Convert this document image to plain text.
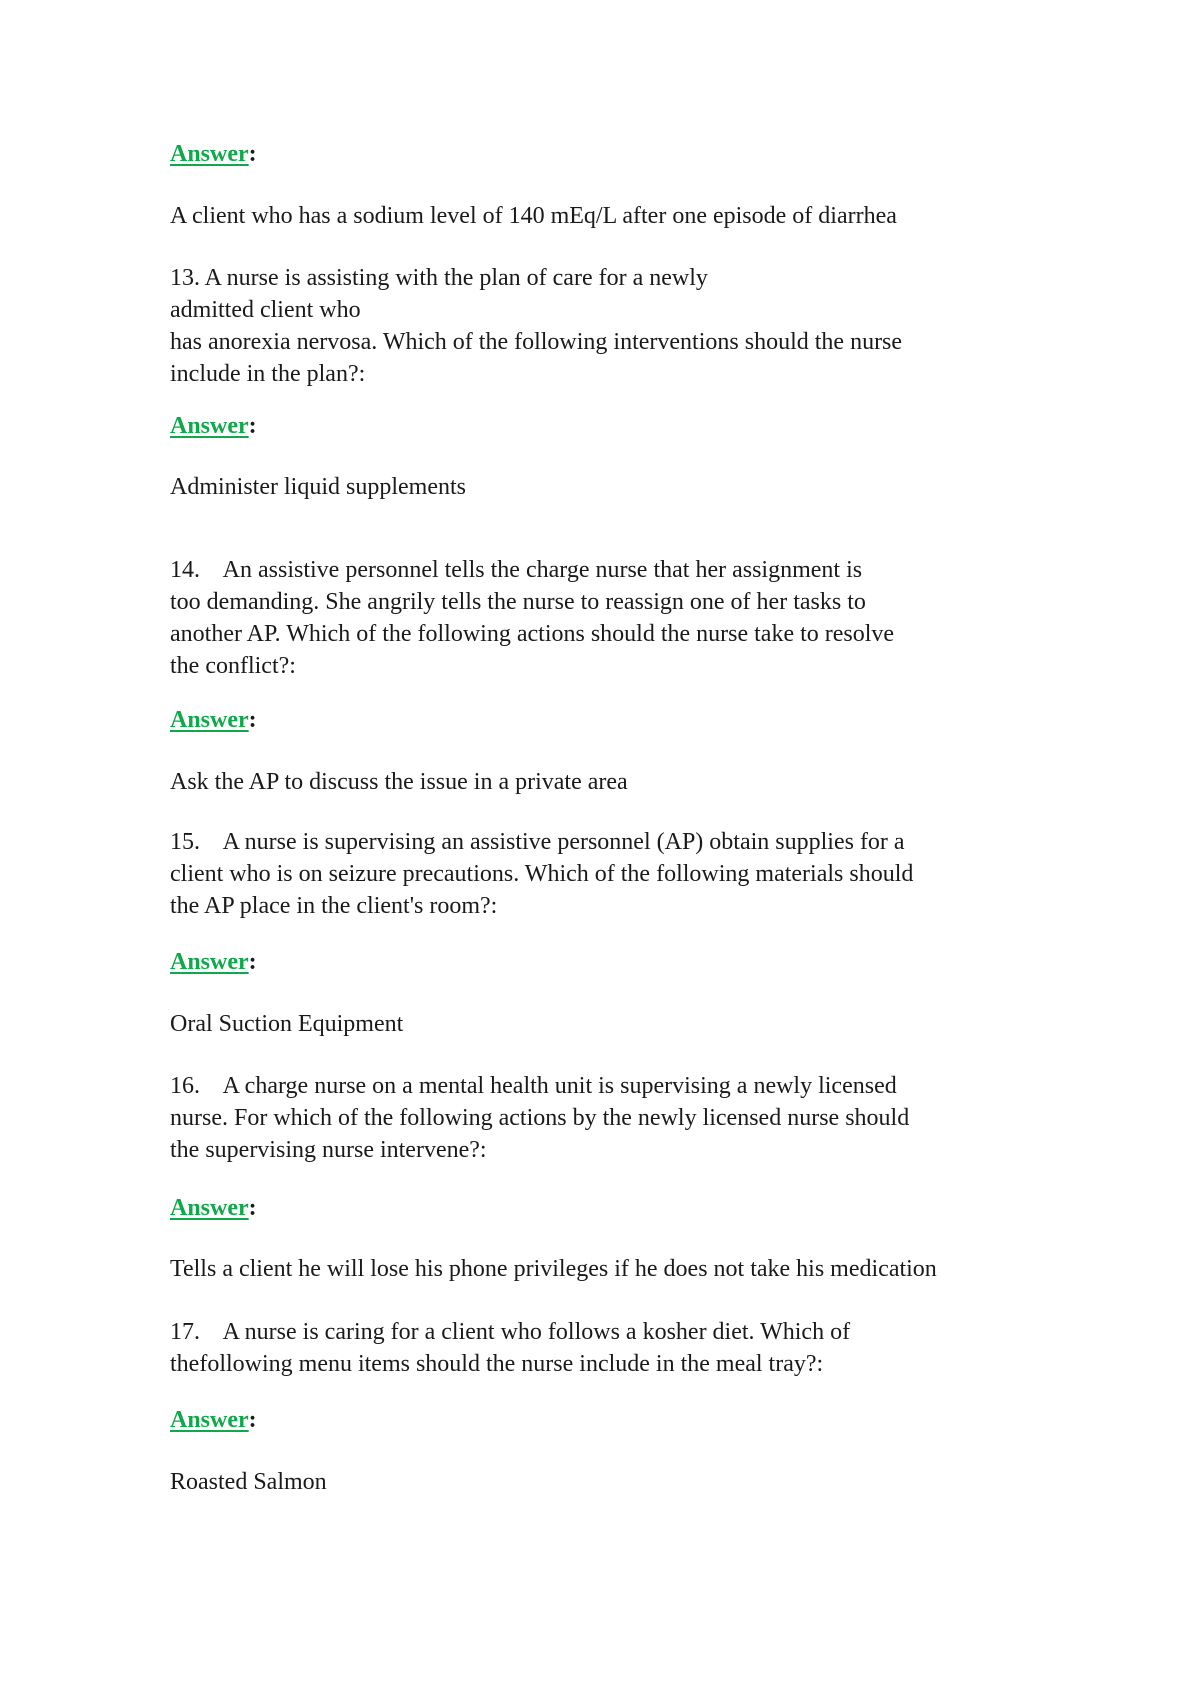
Answer:
A client who has a sodium level of 140 mEq/L after one episode of diarrhea
13. A nurse is assisting with the plan of care for a newly
admitted client who
has anorexia nervosa. Which of the following interventions should the nurse
include in the plan?:
Answer:
Administer liquid supplements
14.    An assistive personnel tells the charge nurse that her assignment is
too demanding. She angrily tells the nurse to reassign one of her tasks to
another AP. Which of the following actions should the nurse take to resolve
the conflict?:
Answer:
Ask the AP to discuss the issue in a private area
15.    A nurse is supervising an assistive personnel (AP) obtain supplies for a
client who is on seizure precautions. Which of the following materials should
the AP place in the client's room?:
Answer:
Oral Suction Equipment
16.    A charge nurse on a mental health unit is supervising a newly licensed
nurse. For which of the following actions by the newly licensed nurse should
the supervising nurse intervene?:
Answer:
Tells a client he will lose his phone privileges if he does not take his medication
17.    A nurse is caring for a client who follows a kosher diet. Which of
thefollowing menu items should the nurse include in the meal tray?:
Answer:
Roasted Salmon
